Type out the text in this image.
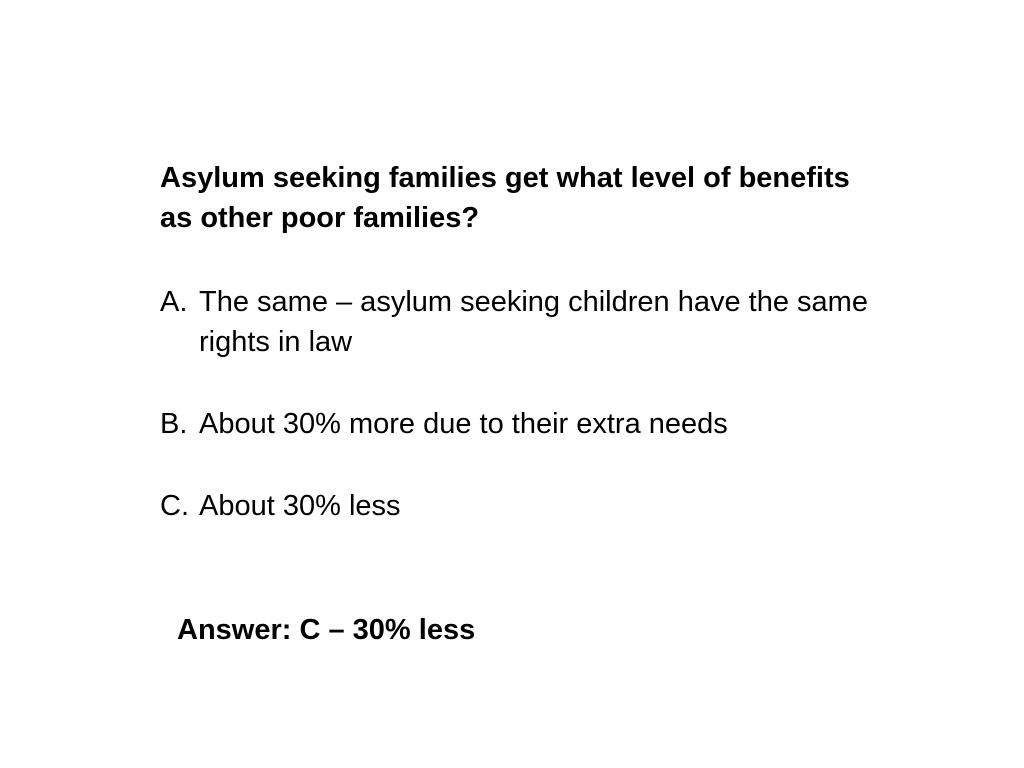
Asylum seeking families get what level of benefits as other poor families?

A. The same – asylum seeking children have the same rights in law
B. About 30% more due to their extra needs
C. About 30% less

Answer: C – 30% less
